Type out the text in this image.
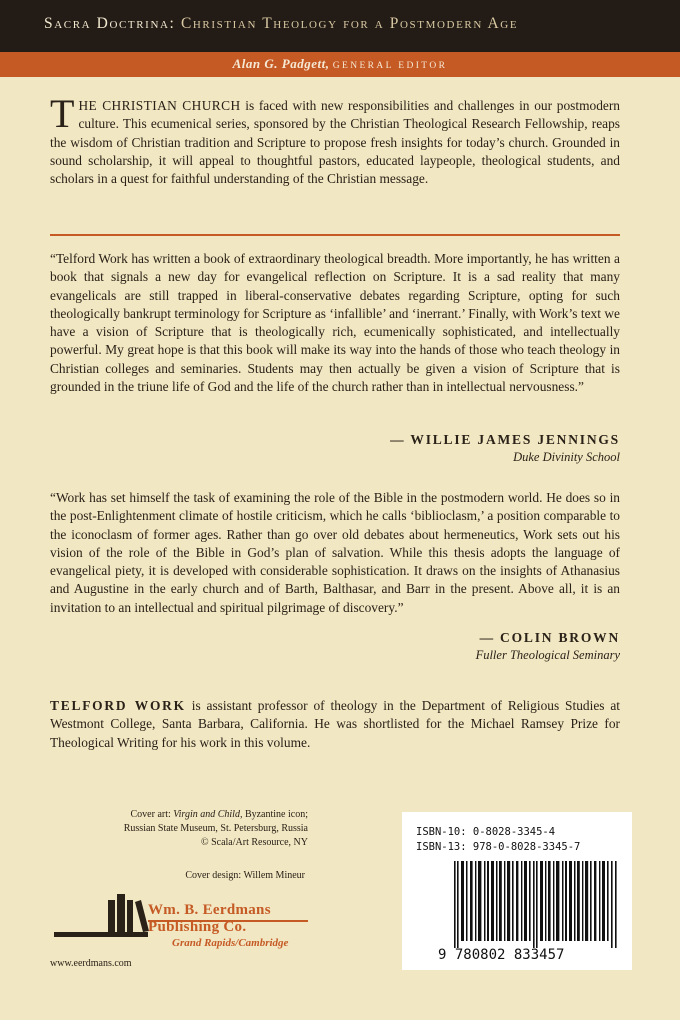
Sacra Doctrina: Christian Theology for a Postmodern Age
Alan G. Padgett, GENERAL EDITOR
THE CHRISTIAN CHURCH is faced with new responsibilities and challenges in our postmodern culture. This ecumenical series, sponsored by the Christian Theological Research Fellowship, reaps the wisdom of Christian tradition and Scripture to propose fresh insights for today’s church. Grounded in sound scholarship, it will appeal to thoughtful pastors, educated laypeople, theological students, and scholars in a quest for faithful understanding of the Christian message.
“Telford Work has written a book of extraordinary theological breadth. More importantly, he has written a book that signals a new day for evangelical reflection on Scripture. It is a sad reality that many evangelicals are still trapped in liberal-conservative debates regarding Scripture, opting for such theologically bankrupt terminology for Scripture as ‘infallible’ and ‘inerrant.’ Finally, with Work’s text we have a vision of Scripture that is theologically rich, ecumenically sophisticated, and intellectually powerful. My great hope is that this book will make its way into the hands of those who teach theology in Christian colleges and seminaries. Students may then actually be given a vision of Scripture that is grounded in the triune life of God and the life of the church rather than in intellectual nervousness.”
— WILLIE JAMES JENNINGS
Duke Divinity School
“Work has set himself the task of examining the role of the Bible in the postmodern world. He does so in the post-Enlightenment climate of hostile criticism, which he calls ‘biblioclasm,’ a position comparable to the iconoclasm of former ages. Rather than go over old debates about hermeneutics, Work sets out his vision of the role of the Bible in God’s plan of salvation. While this thesis adopts the language of evangelical piety, it is developed with considerable sophistication. It draws on the insights of Athanasius and Augustine in the early church and of Barth, Balthasar, and Barr in the present. Above all, it is an invitation to an intellectual and spiritual pilgrimage of discovery.”
— COLIN BROWN
Fuller Theological Seminary
TELFORD WORK is assistant professor of theology in the Department of Religious Studies at Westmont College, Santa Barbara, California. He was shortlisted for the Michael Ramsey Prize for Theological Writing for his work in this volume.
Cover art: Virgin and Child, Byzantine icon;
Russian State Museum, St. Petersburg, Russia
© Scala/Art Resource, NY
Cover design: Willem Mineur
Wm. B. Eerdmans
Publishing Co.
Grand Rapids/Cambridge
www.eerdmans.com
ISBN-10: 0-8028-3345-4
ISBN-13: 978-0-8028-3345-7
9 780802 833457
